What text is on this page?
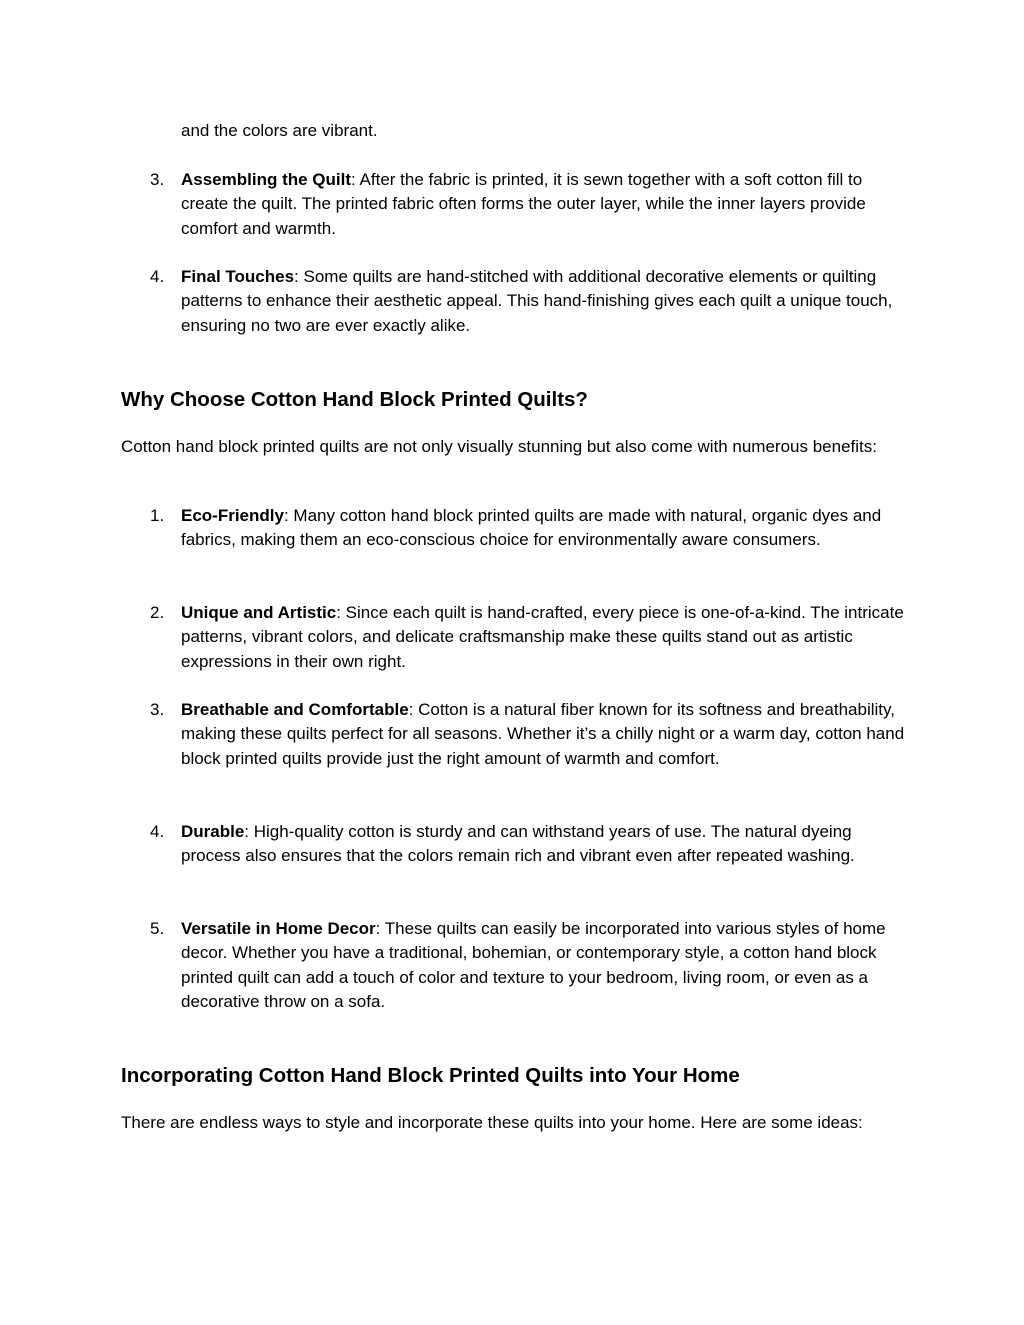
and the colors are vibrant.

3. Assembling the Quilt: After the fabric is printed, it is sewn together with a soft cotton fill to create the quilt. The printed fabric often forms the outer layer, while the inner layers provide comfort and warmth.

4. Final Touches: Some quilts are hand-stitched with additional decorative elements or quilting patterns to enhance their aesthetic appeal. This hand-finishing gives each quilt a unique touch, ensuring no two are ever exactly alike.

Why Choose Cotton Hand Block Printed Quilts?

Cotton hand block printed quilts are not only visually stunning but also come with numerous benefits:

1. Eco-Friendly: Many cotton hand block printed quilts are made with natural, organic dyes and fabrics, making them an eco-conscious choice for environmentally aware consumers.

2. Unique and Artistic: Since each quilt is hand-crafted, every piece is one-of-a-kind. The intricate patterns, vibrant colors, and delicate craftsmanship make these quilts stand out as artistic expressions in their own right.

3. Breathable and Comfortable: Cotton is a natural fiber known for its softness and breathability, making these quilts perfect for all seasons. Whether it’s a chilly night or a warm day, cotton hand block printed quilts provide just the right amount of warmth and comfort.

4. Durable: High-quality cotton is sturdy and can withstand years of use. The natural dyeing process also ensures that the colors remain rich and vibrant even after repeated washing.

5. Versatile in Home Decor: These quilts can easily be incorporated into various styles of home decor. Whether you have a traditional, bohemian, or contemporary style, a cotton hand block printed quilt can add a touch of color and texture to your bedroom, living room, or even as a decorative throw on a sofa.

Incorporating Cotton Hand Block Printed Quilts into Your Home

There are endless ways to style and incorporate these quilts into your home. Here are some ideas:
